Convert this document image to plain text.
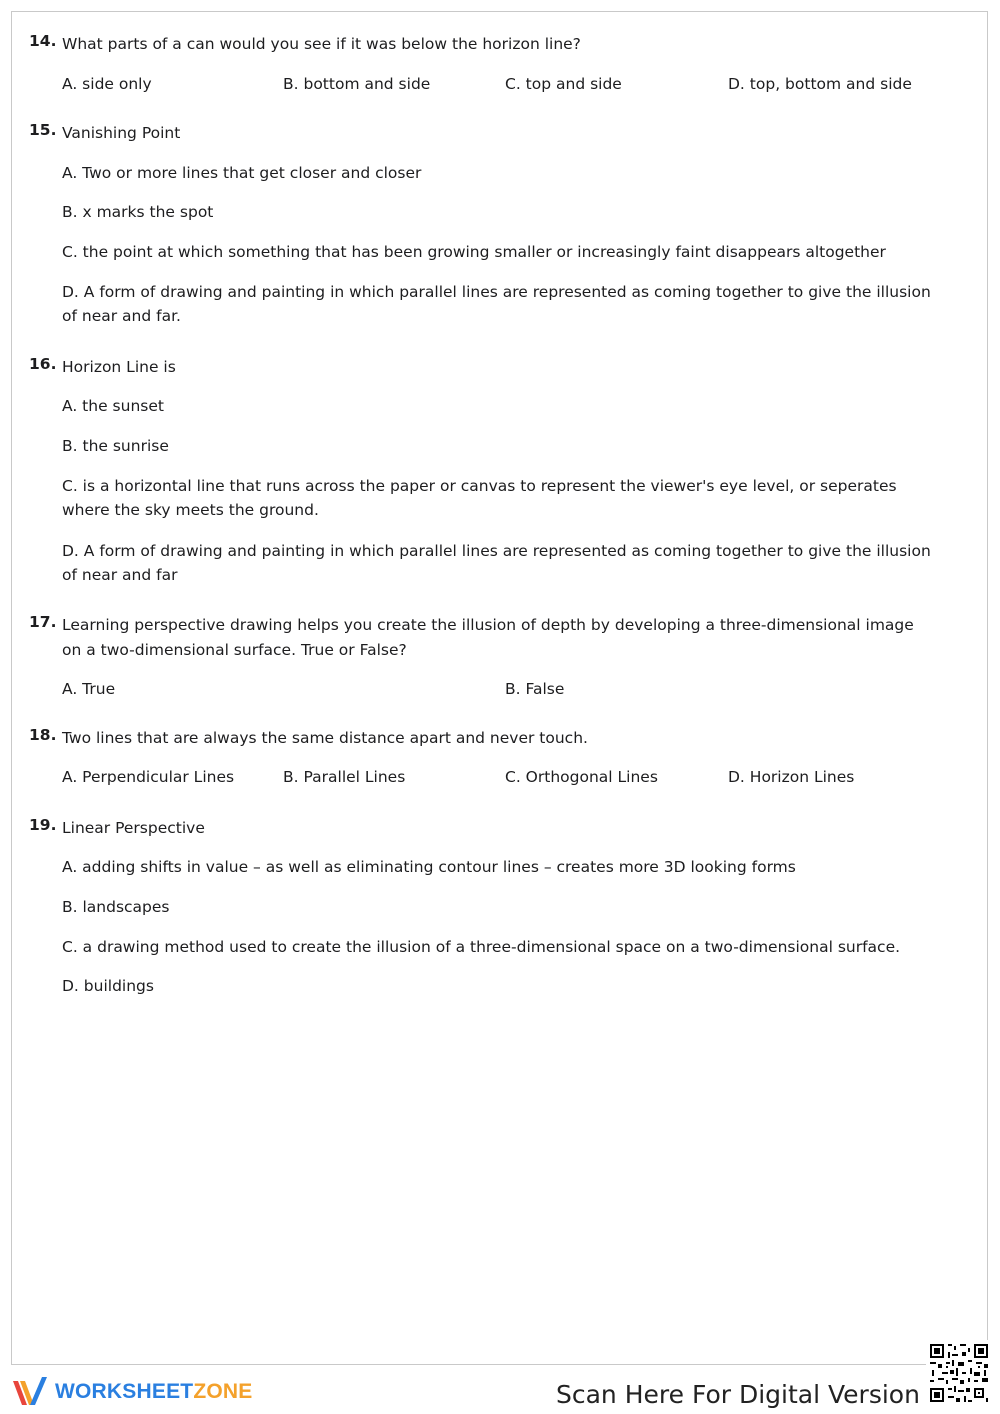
14. What parts of a can would you see if it was below the horizon line?
A. side only	B. bottom and side	C. top and side	D. top, bottom and side
15. Vanishing Point
A. Two or more lines that get closer and closer
B. x marks the spot
C. the point at which something that has been growing smaller or increasingly faint disappears altogether
D. A form of drawing and painting in which parallel lines are represented as coming together to give the illusion of near and far.
16. Horizon Line is
A. the sunset
B. the sunrise
C. is a horizontal line that runs across the paper or canvas to represent the viewer's eye level, or seperates where the sky meets the ground.
D. A form of drawing and painting in which parallel lines are represented as coming together to give the illusion of near and far
17. Learning perspective drawing helps you create the illusion of depth by developing a three-dimensional image on a two-dimensional surface. True or False?
A. True	B. False
18. Two lines that are always the same distance apart and never touch.
A. Perpendicular Lines	B. Parallel Lines	C. Orthogonal Lines	D. Horizon Lines
19. Linear Perspective
A. adding shifts in value – as well as eliminating contour lines – creates more 3D looking forms
B. landscapes
C. a drawing method used to create the illusion of a three-dimensional space on a two-dimensional surface.
D. buildings
WORKSHEETZONE	Scan Here For Digital Version
